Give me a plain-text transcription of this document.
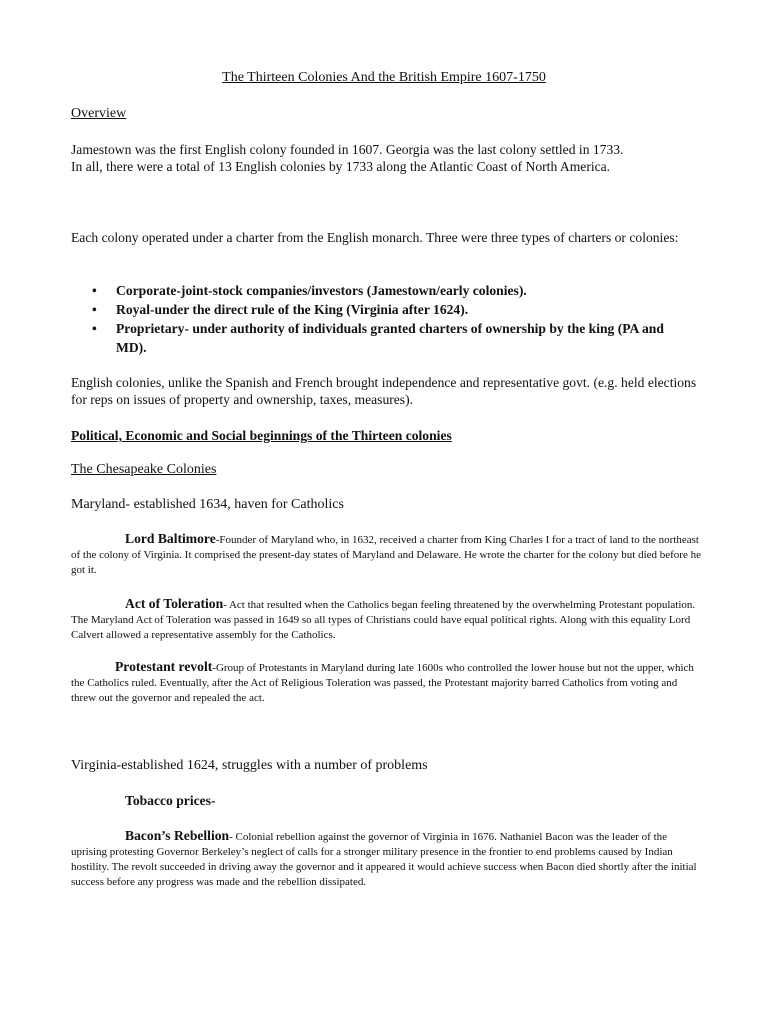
The Thirteen Colonies And the British Empire 1607-1750
Overview
Jamestown was the first English colony founded in 1607. Georgia was the last colony settled in 1733.
In all, there were a total of 13 English colonies by 1733 along the Atlantic Coast of North America.
Each colony operated under a charter from the English monarch. Three were three types of charters or colonies:
• Corporate-joint-stock companies/investors (Jamestown/early colonies).
• Royal-under the direct rule of the King (Virginia after 1624).
• Proprietary- under authority of individuals granted charters of ownership by the king (PA and MD).
English colonies, unlike the Spanish and French brought independence and representative govt. (e.g. held elections for reps on issues of property and ownership, taxes, measures).
Political, Economic and Social beginnings of the Thirteen colonies
The Chesapeake Colonies
Maryland- established 1634, haven for Catholics
Lord Baltimore-Founder of Maryland who, in 1632, received a charter from King Charles I for a tract of land to the northeast of the colony of Virginia. It comprised the present-day states of Maryland and Delaware. He wrote the charter for the colony but died before he got it.
Act of Toleration- Act that resulted when the Catholics began feeling threatened by the overwhelming Protestant population. The Maryland Act of Toleration was passed in 1649 so all types of Christians could have equal political rights. Along with this equality Lord Calvert allowed a representative assembly for the Catholics.
Protestant revolt-Group of Protestants in Maryland during late 1600s who controlled the lower house but not the upper, which the Catholics ruled. Eventually, after the Act of Religious Toleration was passed, the Protestant majority barred Catholics from voting and threw out the governor and repealed the act.
Virginia-established 1624, struggles with a number of problems
Tobacco prices-
Bacon’s Rebellion- Colonial rebellion against the governor of Virginia in 1676. Nathaniel Bacon was the leader of the uprising protesting Governor Berkeley’s neglect of calls for a stronger military presence in the frontier to end problems caused by Indian hostility. The revolt succeeded in driving away the governor and it appeared it would achieve success when Bacon died shortly after the initial success before any progress was made and the rebellion dissipated.
